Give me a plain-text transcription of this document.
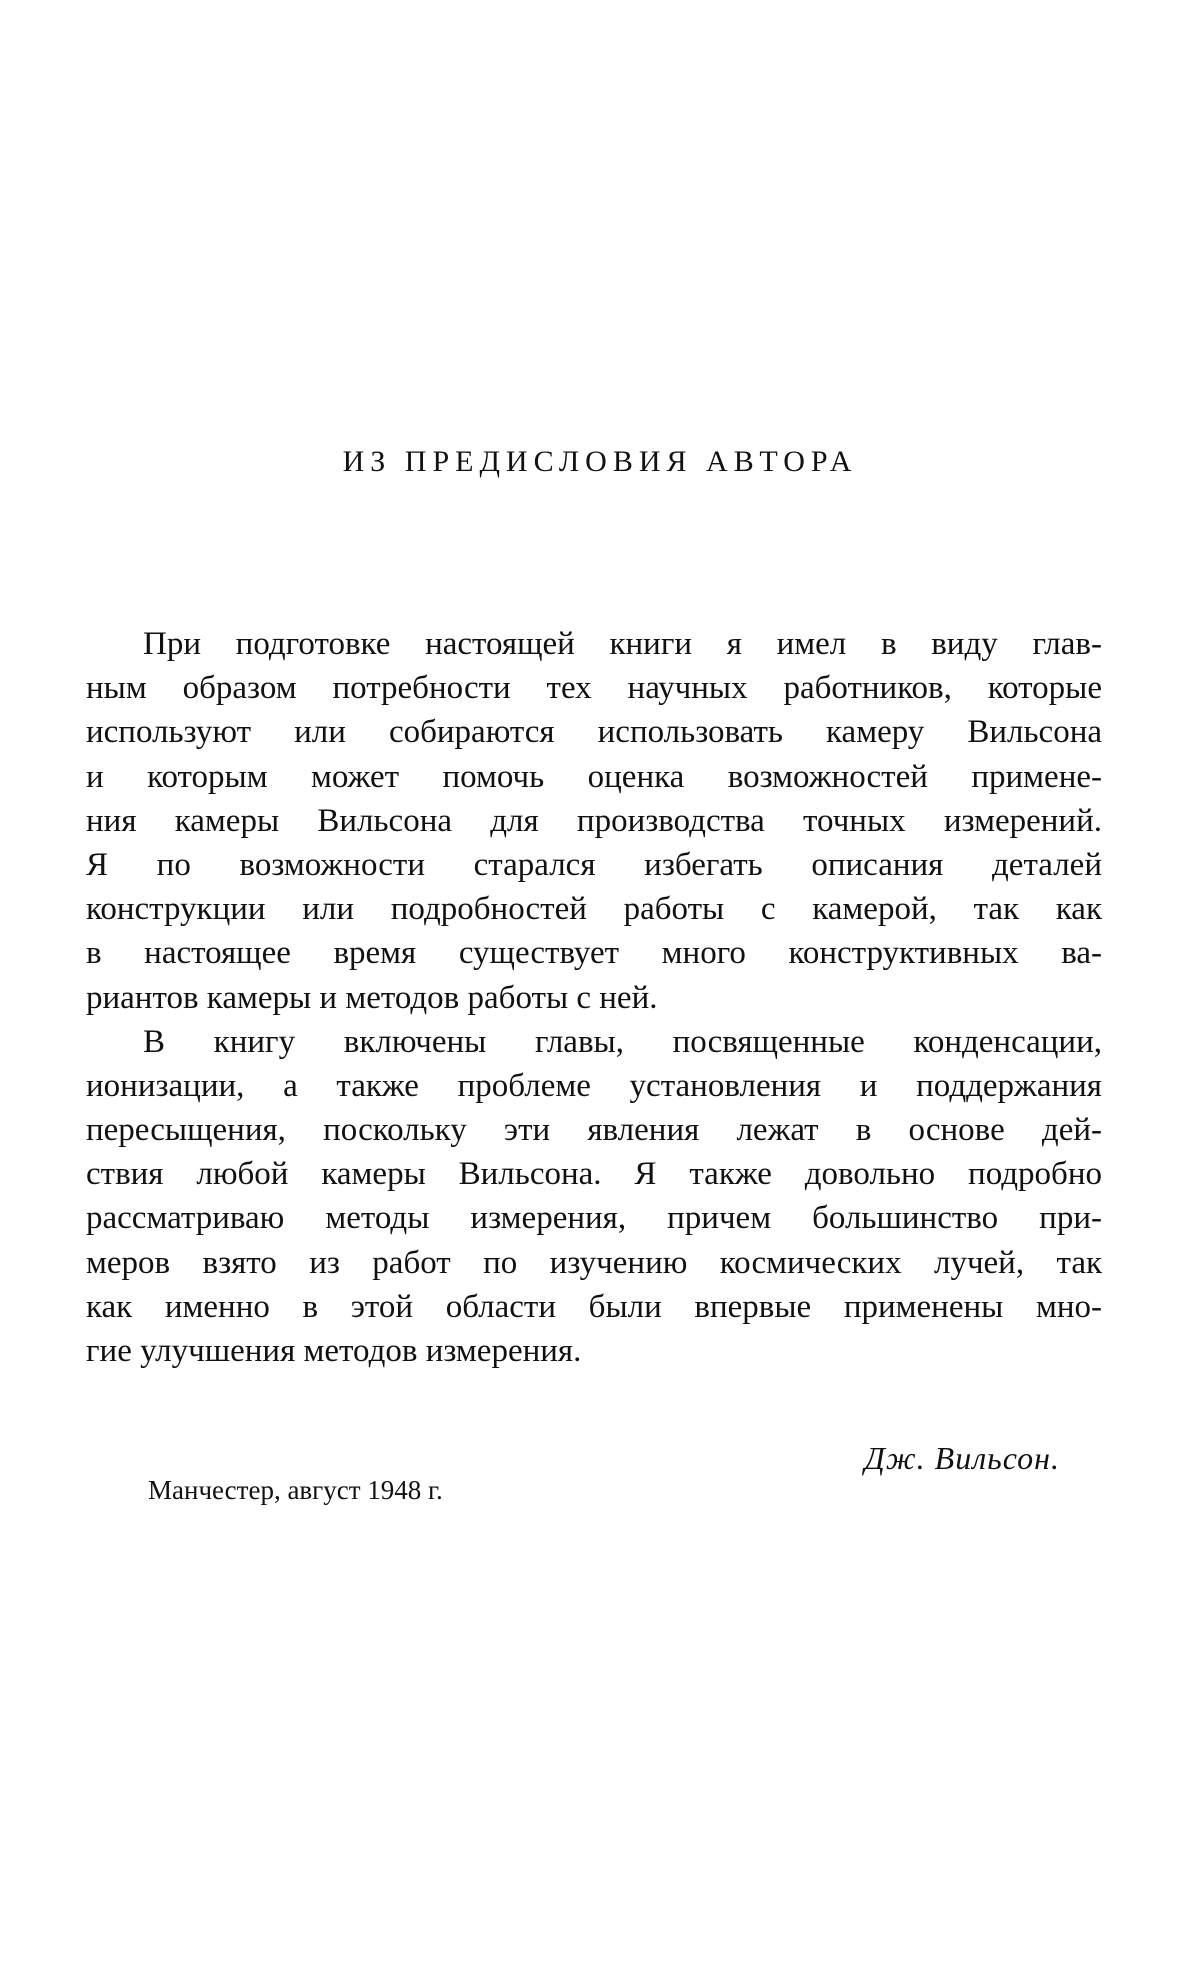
ИЗ ПРЕДИСЛОВИЯ АВТОРА
При подготовке настоящей книги я имел в виду глав-
ным образом потребности тех научных работников, которые
используют или собираются использовать камеру Вильсона
и которым может помочь оценка возможностей примене-
ния камеры Вильсона для производства точных измерений.
Я по возможности старался избегать описания деталей
конструкции или подробностей работы с камерой, так как
в настоящее время существует много конструктивных ва-
риантов камеры и методов работы с ней.
В книгу включены главы, посвященные конденсации,
ионизации, а также проблеме установления и поддержания
пересыщения, поскольку эти явления лежат в основе дей-
ствия любой камеры Вильсона. Я также довольно подробно
рассматриваю методы измерения, причем большинство при-
меров взято из работ по изучению космических лучей, так
как именно в этой области были впервые применены мно-
гие улучшения методов измерения.
Дж. Вильсон.
Манчестер, август 1948 г.
